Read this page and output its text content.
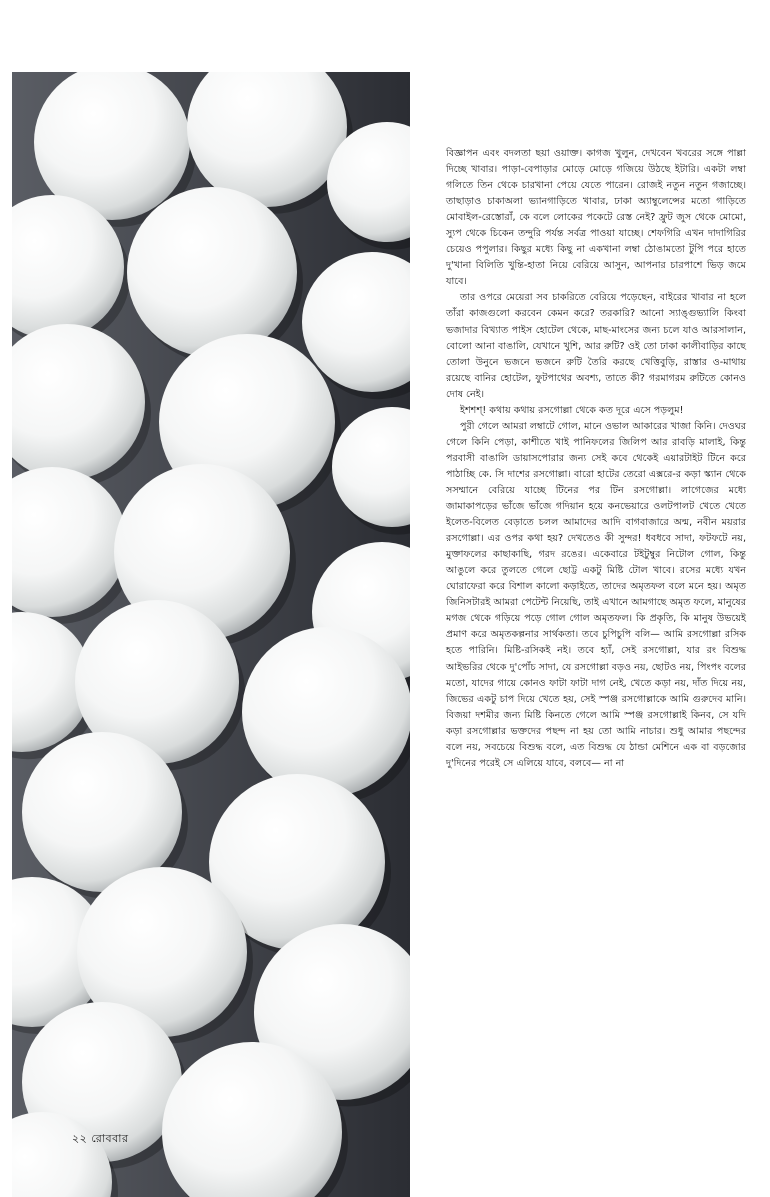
২২ রোববার

বিজ্ঞাপন এবং বদলতা ছয়া ওয়াক্ত। কাগজ খুলুন, দেখবেন খবরের সঙ্গে পাল্লা দিচ্ছে খাবার। পাড়া-বেপাড়ার মোড়ে মোড়ে গজিয়ে উঠছে ইটারি। একটা লম্বা গলিতে তিন থেকে চারখানা পেয়ে যেতে পারেন। রোজই নতুন নতুন গজাচ্ছে। তাছাড়াও চাকাঅলা ভ্যানগাড়িতে খাবার, ঢাকা অ্যাম্বুলেন্সের মতো গাড়িতে মোবাইল-রেস্তোরাঁ, কে বলে লোকের পকেটে রেস্ত নেই? ফ্রুট জুস থেকে মোমো, স্যুপ থেকে চিকেন তন্দুরি পর্যন্ত সর্বত্র পাওয়া যাচ্ছে। শেফগিরি এখন দাদাগিরির চেয়েও পপুলার। কিছুর মধ্যে কিছু না একখানা লম্বা ঠোঙামতো টুপি পরে হাতে দু'খানা বিলিতি খুন্তি-হাতা নিয়ে বেরিয়ে আসুন, আপনার চারপাশে ভিড় জমে যাবে।

তার ওপরে মেয়েরা সব চাকরিতে বেরিয়ে পড়েছেন, বাইরের খাবার না হলে তাঁরা কাজগুলো করবেন কেমন করে? তরকারি? আনো স্যাঙ্গুভ্যালি কিংবা ভজাদার বিখ্যাত পাইস হোটেল থেকে, মাছ-মাংসের জন্য চলে যাও আরসালান, বোলো আনা বাঙালি, যেখানে খুশি, আর রুটি? ওই তো ঢাকা কালীবাড়ির কাছে তোলা উনুনে ভজনে ভজনে রুটি তৈরি করছে খেত্তিবুড়ি, রাস্তার ও-মাথায় রয়েছে বানির হোটেল, ফুটপাথের অবশ্য, তাতে কী? গরমাগরম রুটিতে কোনও দোষ নেই।

ইশশশ্! কথায় কথায় রসগোল্লা থেকে কত দূরে এসে পড়লুম!

পুরী গেলে আমরা লম্বাটে গোল, মানে ওভাল আকারের খাজা কিনি। দেওঘর গেলে কিনি পেড়া, কাশীতে খাই পানিফলের জিলিপ আর রাবড়ি মালাই, কিন্তু পরবাসী বাঙালি ডায়াসপোরার জন্য সেই কবে থেকেই এয়ারটাইট টিনে করে পাঠাচ্ছি কে. সি দাশের রসগোল্লা। বারো হাটের তেরো এক্সরে-র কড়া স্ক্যান থেকে সসম্মানে বেরিয়ে যাচ্ছে টিনের পর টিন রসগোল্লা। লাগেজের মধ্যে জামাকাপড়ের ভাঁজে ভাঁজে গদিয়ান হয়ে কনভেয়ারে ওলটপালট খেতে খেতে ইলেত-বিলেত বেড়াতে চলল আমাদের আদি বাগবাজারে অন্ম, নবীন ময়রার রসগোল্লা। এর ওপর কথা হয়? দেখতেও কী সুন্দর! ধবধবে সাদা, ফটফটে নয়, মুক্তাফলের কাছাকাছি, গরদ রঙের। একেবারে টইটুম্বুর নিটোল গোল, কিন্তু আঙুলে করে তুলতে গেলে ছোট্ট একটু মিষ্টি টোল খাবে। রসের মধ্যে যখন ঘোরাফেরা করে বিশাল কালো কড়াইতে, তাদের অমৃতফল বলে মনে হয়। অমৃত জিনিসটারই আমরা পেটেন্ট নিয়েছি, তাই এখানে আমগাছে অমৃত ফলে, মানুষের মগজ থেকে গড়িয়ে পড়ে গোল গোল অমৃতফল। কি প্রকৃতি, কি মানুষ উভয়েই প্রমাণ করে অমৃতকল্পনার সার্থকতা। তবে চুপিচুপি বলি— আমি রসগোল্লা রসিক হতে পারিনি। মিষ্টি-রসিকই নই। তবে হ্যাঁ, সেই রসগোল্লা, যার রং বিশুদ্ধ আইভরির থেকে দু'পোঁচ সাদা, যে রসগোল্লা বড়ও নয়, ছোটও নয়, পিংপং বলের মতো, যাদের গায়ে কোনও ফাটা ফাটা দাগ নেই, খেতে কড়া নয়, দাঁত দিয়ে নয়, জিভের একটু চাপ দিয়ে খেতে হয়, সেই স্পঞ্জ রসগোল্লাকে আমি গুরুদেব মানি। বিজয়া দশমীর জন্য মিষ্টি কিনতে গেলে আমি স্পঞ্জ রসগোল্লাই কিনব, সে যদি কড়া রসগোল্লার ভক্তদের পছন্দ না হয় তো আমি নাচার। শুধু আমার পছন্দের বলে নয়, সবচেয়ে বিশুদ্ধ বলে, এত বিশুদ্ধ যে ঠান্ডা মেশিনে এক বা বড়জোর দু'দিনের পরেই সে এলিয়ে যাবে, বলবে— না না
